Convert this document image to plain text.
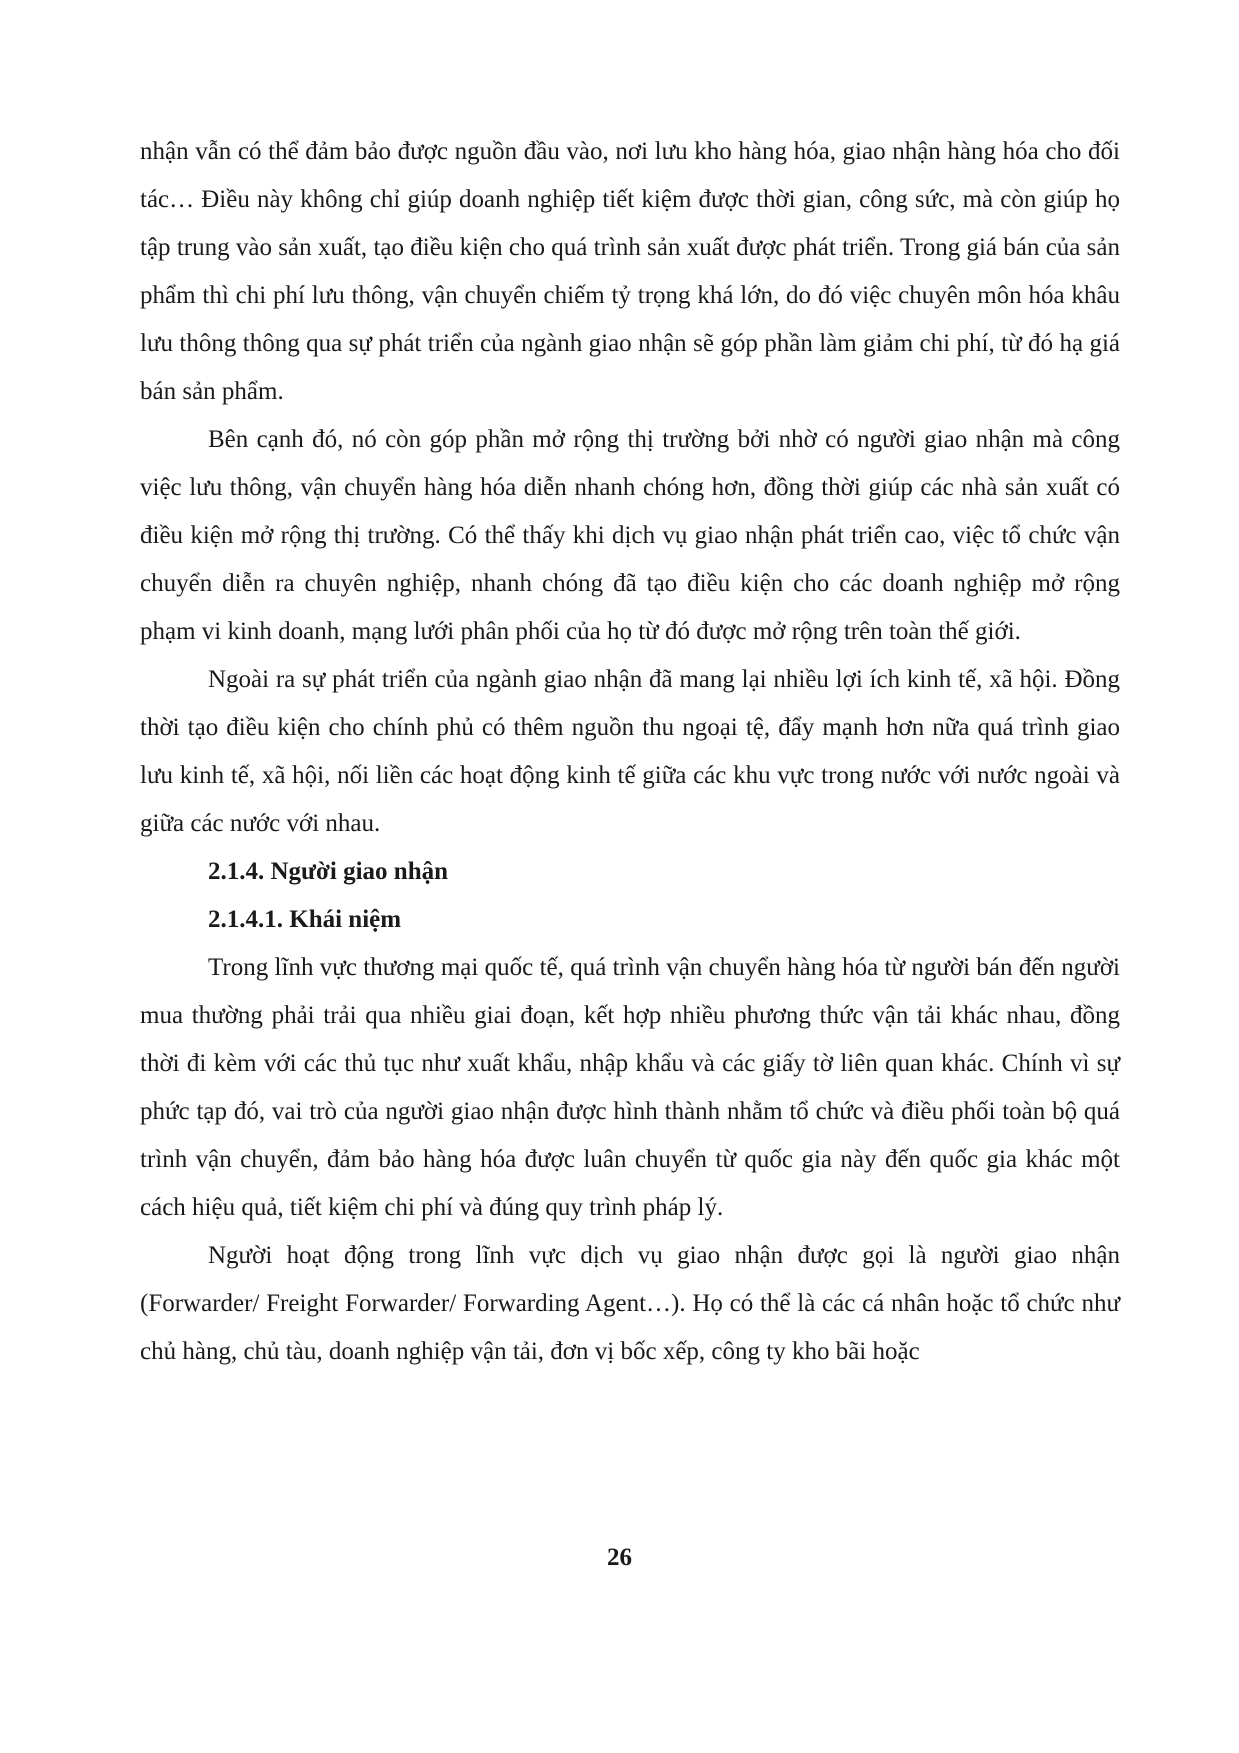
nhận vẫn có thể đảm bảo được nguồn đầu vào, nơi lưu kho hàng hóa, giao nhận hàng hóa cho đối tác… Điều này không chỉ giúp doanh nghiệp tiết kiệm được thời gian, công sức, mà còn giúp họ tập trung vào sản xuất, tạo điều kiện cho quá trình sản xuất được phát triển. Trong giá bán của sản phẩm thì chi phí lưu thông, vận chuyển chiếm tỷ trọng khá lớn, do đó việc chuyên môn hóa khâu lưu thông thông qua sự phát triển của ngành giao nhận sẽ góp phần làm giảm chi phí, từ đó hạ giá bán sản phẩm.

Bên cạnh đó, nó còn góp phần mở rộng thị trường bởi nhờ có người giao nhận mà công việc lưu thông, vận chuyển hàng hóa diễn nhanh chóng hơn, đồng thời giúp các nhà sản xuất có điều kiện mở rộng thị trường. Có thể thấy khi dịch vụ giao nhận phát triển cao, việc tổ chức vận chuyển diễn ra chuyên nghiệp, nhanh chóng đã tạo điều kiện cho các doanh nghiệp mở rộng phạm vi kinh doanh, mạng lưới phân phối của họ từ đó được mở rộng trên toàn thế giới.

Ngoài ra sự phát triển của ngành giao nhận đã mang lại nhiều lợi ích kinh tế, xã hội. Đồng thời tạo điều kiện cho chính phủ có thêm nguồn thu ngoại tệ, đẩy mạnh hơn nữa quá trình giao lưu kinh tế, xã hội, nối liền các hoạt động kinh tế giữa các khu vực trong nước với nước ngoài và giữa các nước với nhau.

2.1.4. Người giao nhận
2.1.4.1. Khái niệm

Trong lĩnh vực thương mại quốc tế, quá trình vận chuyển hàng hóa từ người bán đến người mua thường phải trải qua nhiều giai đoạn, kết hợp nhiều phương thức vận tải khác nhau, đồng thời đi kèm với các thủ tục như xuất khẩu, nhập khẩu và các giấy tờ liên quan khác. Chính vì sự phức tạp đó, vai trò của người giao nhận được hình thành nhằm tổ chức và điều phối toàn bộ quá trình vận chuyển, đảm bảo hàng hóa được luân chuyển từ quốc gia này đến quốc gia khác một cách hiệu quả, tiết kiệm chi phí và đúng quy trình pháp lý.

Người hoạt động trong lĩnh vực dịch vụ giao nhận được gọi là người giao nhận (Forwarder/ Freight Forwarder/ Forwarding Agent…). Họ có thể là các cá nhân hoặc tổ chức như chủ hàng, chủ tàu, doanh nghiệp vận tải, đơn vị bốc xếp, công ty kho bãi hoặc

26
